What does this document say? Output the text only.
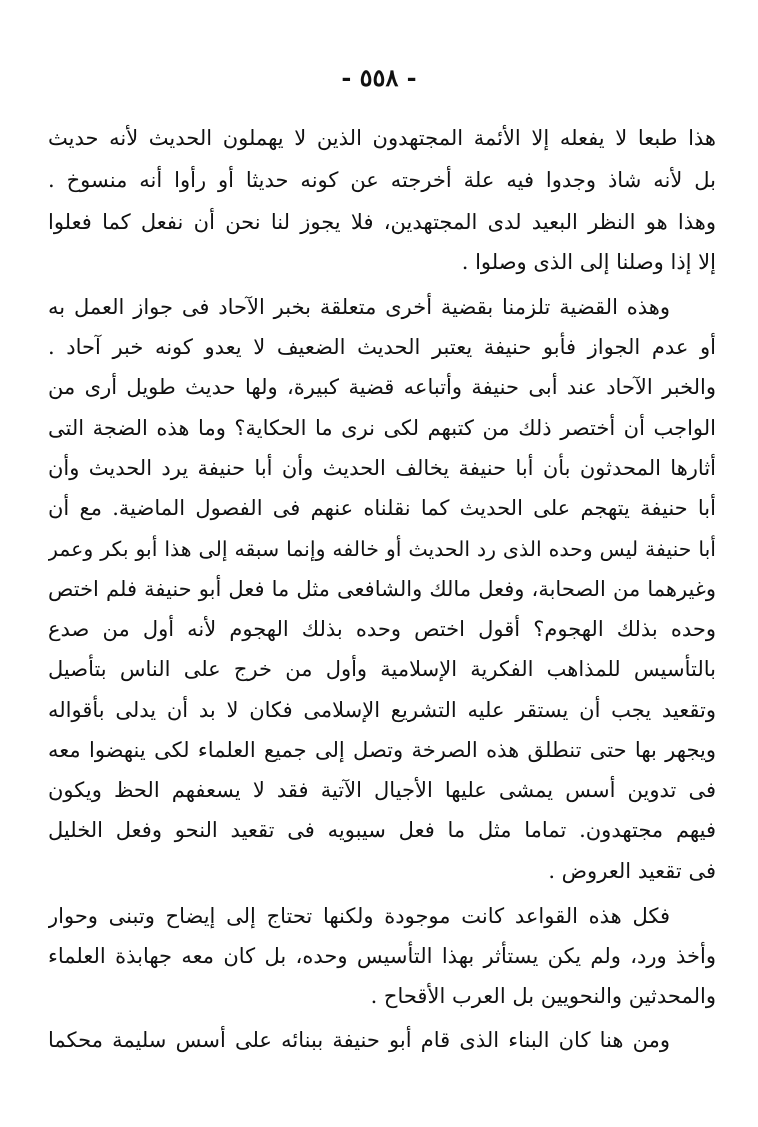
- ٥٥٨ -
هذا طبعا لا يفعله إلا الأئمة المجتهدون الذين لا يهملون الحديث لأنه حديث
بل لأنه شاذ وجدوا فيه علة أخرجته عن كونه حديثا أو رأوا أنه منسوخ .
وهذا هو النظر البعيد لدى المجتهدين، فلا يجوز لنا نحن أن نفعل كما فعلوا
إلا إذا وصلنا إلى الذى وصلوا .
وهذه القضية تلزمنا بقضية أخرى متعلقة بخبر الآحاد فى جواز العمل به
أو عدم الجواز فأبو حنيفة يعتبر الحديث الضعيف لا يعدو كونه خبر آحاد .
والخبر الآحاد عند أبى حنيفة وأتباعه قضية كبيرة، ولها حديث طويل أرى من
الواجب أن أختصر ذلك من كتبهم لكى نرى ما الحكاية؟ وما هذه الضجة التى
أثارها المحدثون بأن أبا حنيفة يخالف الحديث وأن أبا حنيفة يرد الحديث وأن
أبا حنيفة يتهجم على الحديث كما نقلناه عنهم فى الفصول الماضية. مع أن
أبا حنيفة ليس وحده الذى رد الحديث أو خالفه وإنما سبقه إلى هذا أبو بكر وعمر
وغيرهما من الصحابة، وفعل مالك والشافعى مثل ما فعل أبو حنيفة فلم اختص
وحده بذلك الهجوم؟ أقول اختص وحده بذلك الهجوم لأنه أول من صدع
بالتأسيس للمذاهب الفكرية الإسلامية وأول من خرج على الناس بتأصيل
وتقعيد يجب أن يستقر عليه التشريع الإسلامى فكان لا بد أن يدلى بأقواله
ويجهر بها حتى تنطلق هذه الصرخة وتصل إلى جميع العلماء لكى ينهضوا معه
فى تدوين أسس يمشى عليها الأجيال الآتية فقد لا يسعفهم الحظ ويكون
فيهم مجتهدون. تماما مثل ما فعل سيبويه فى تقعيد النحو وفعل الخليل
فى تقعيد العروض .
فكل هذه القواعد كانت موجودة ولكنها تحتاج إلى إيضاح وتبنى وحوار
وأخذ ورد، ولم يكن يستأثر بهذا التأسيس وحده، بل كان معه جهابذة العلماء
والمحدثين والنحويين بل العرب الأقحاح .
ومن هنا كان البناء الذى قام أبو حنيفة ببنائه على أسس سليمة محكما
